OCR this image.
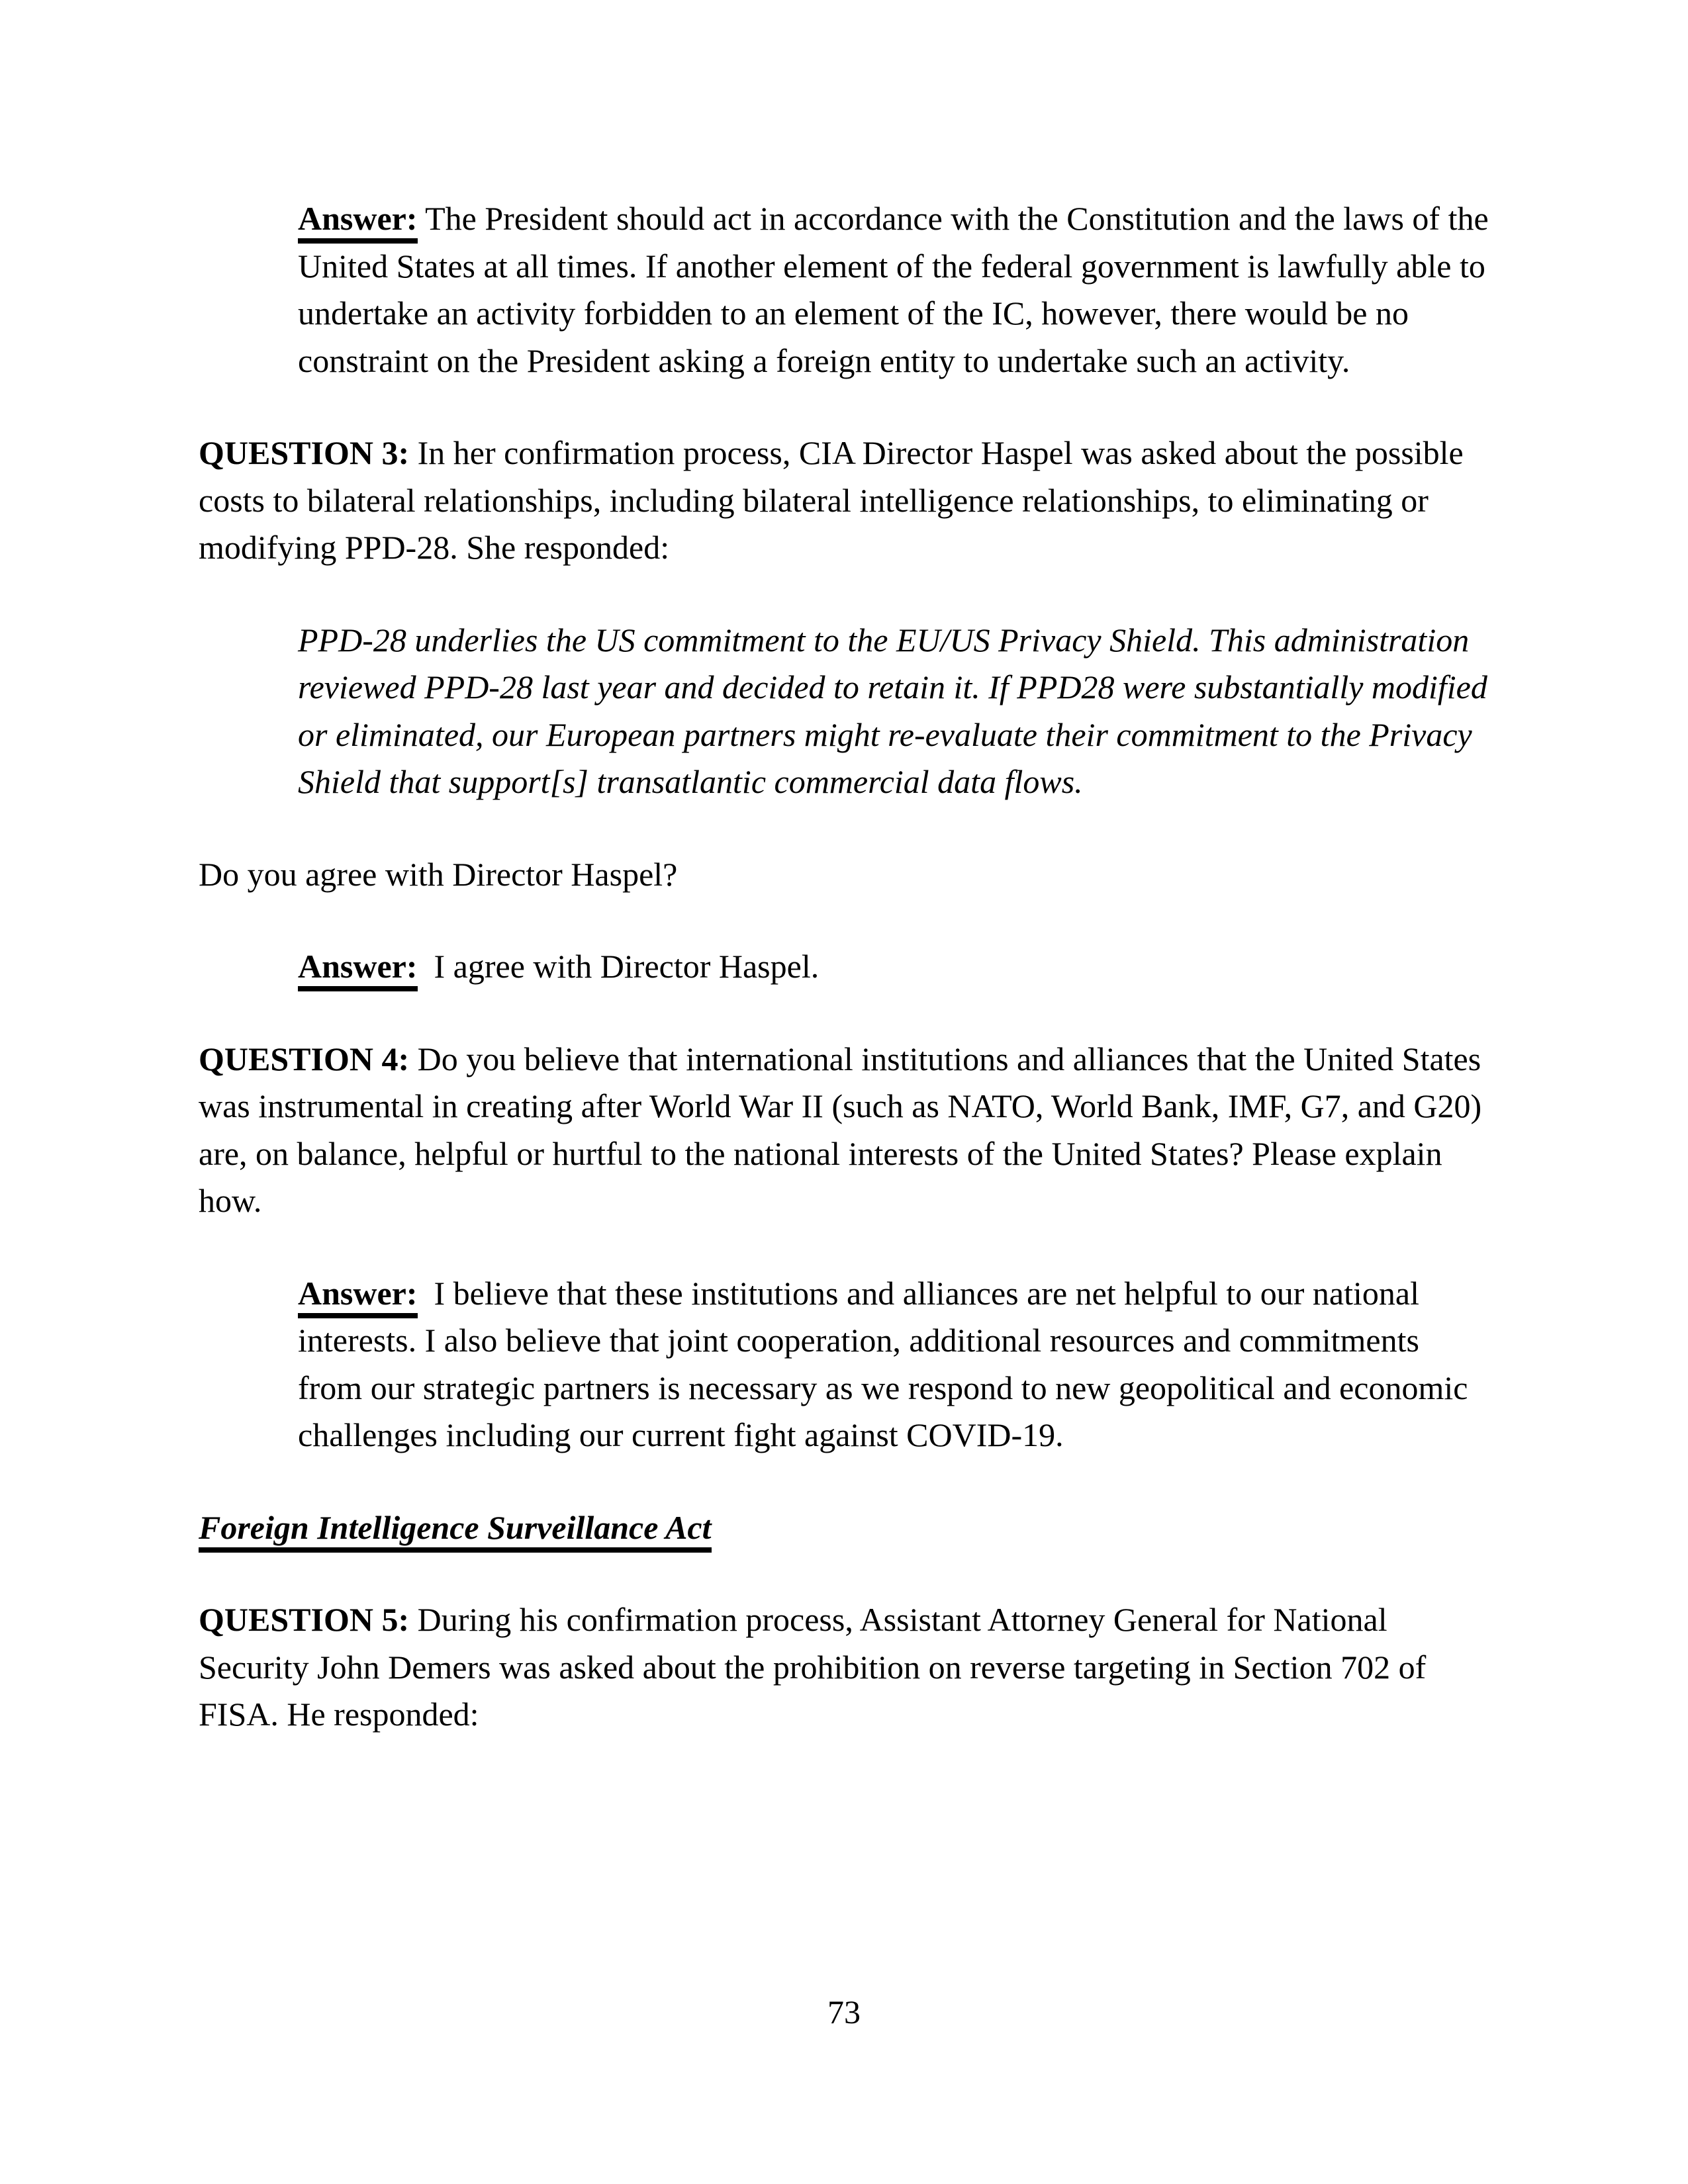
Answer: The President should act in accordance with the Constitution and the laws of the United States at all times. If another element of the federal government is lawfully able to undertake an activity forbidden to an element of the IC, however, there would be no constraint on the President asking a foreign entity to undertake such an activity.

QUESTION 3: In her confirmation process, CIA Director Haspel was asked about the possible costs to bilateral relationships, including bilateral intelligence relationships, to eliminating or modifying PPD-28. She responded:

PPD-28 underlies the US commitment to the EU/US Privacy Shield. This administration reviewed PPD-28 last year and decided to retain it. If PPD28 were substantially modified or eliminated, our European partners might re-evaluate their commitment to the Privacy Shield that support[s] transatlantic commercial data flows.

Do you agree with Director Haspel?

Answer:  I agree with Director Haspel.

QUESTION 4: Do you believe that international institutions and alliances that the United States was instrumental in creating after World War II (such as NATO, World Bank, IMF, G7, and G20) are, on balance, helpful or hurtful to the national interests of the United States? Please explain how.

Answer:  I believe that these institutions and alliances are net helpful to our national interests. I also believe that joint cooperation, additional resources and commitments from our strategic partners is necessary as we respond to new geopolitical and economic challenges including our current fight against COVID-19.

Foreign Intelligence Surveillance Act

QUESTION 5: During his confirmation process, Assistant Attorney General for National Security John Demers was asked about the prohibition on reverse targeting in Section 702 of FISA. He responded:

73
